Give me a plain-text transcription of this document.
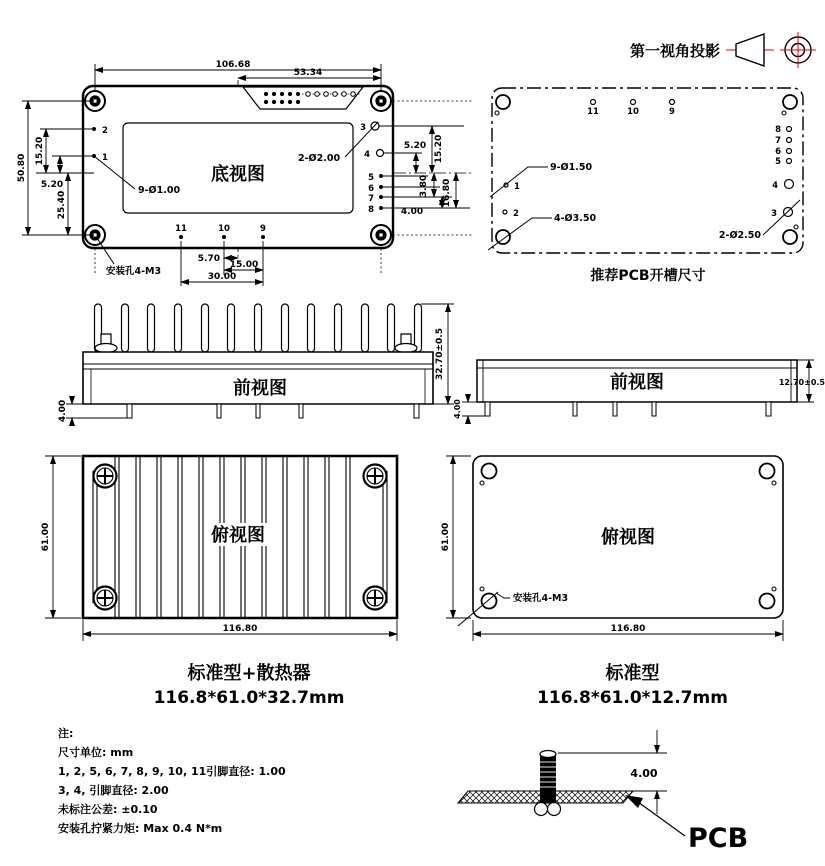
2
1
3
4
5
6
7
8
11	10	9
106.68
53.34
50.80
15.20
5.20
25.40
5.20 15.20
3.80 16.80
4.00
5.70
15.00
30.00
9-Ø1.00
安装孔4-M3
2-Ø2.00
底视图
11	10	9
8
7
6
5
4
3
1
2
9-Ø1.50
4-Ø3.50
2-Ø2.50
推荐PCB开槽尺寸
第一视角投影
32.70±0.5
4.00
前视图	12.70±0.5
4.00
前视图
61.00
116.80
俯视图
安装孔4-M3
61.00
116.80
俯视图
标准型+散热器
116.8*61.0*32.7mm
标准型
116.8*61.0*12.7mm
注:
尺寸单位: mm
1, 2, 5, 6, 7, 8, 9, 10, 11引脚直径: 1.00
3, 4, 引脚直径: 2.00
未标注公差: ±0.10
安装孔拧紧力矩: Max 0.4 N*m
4.00
PCB
